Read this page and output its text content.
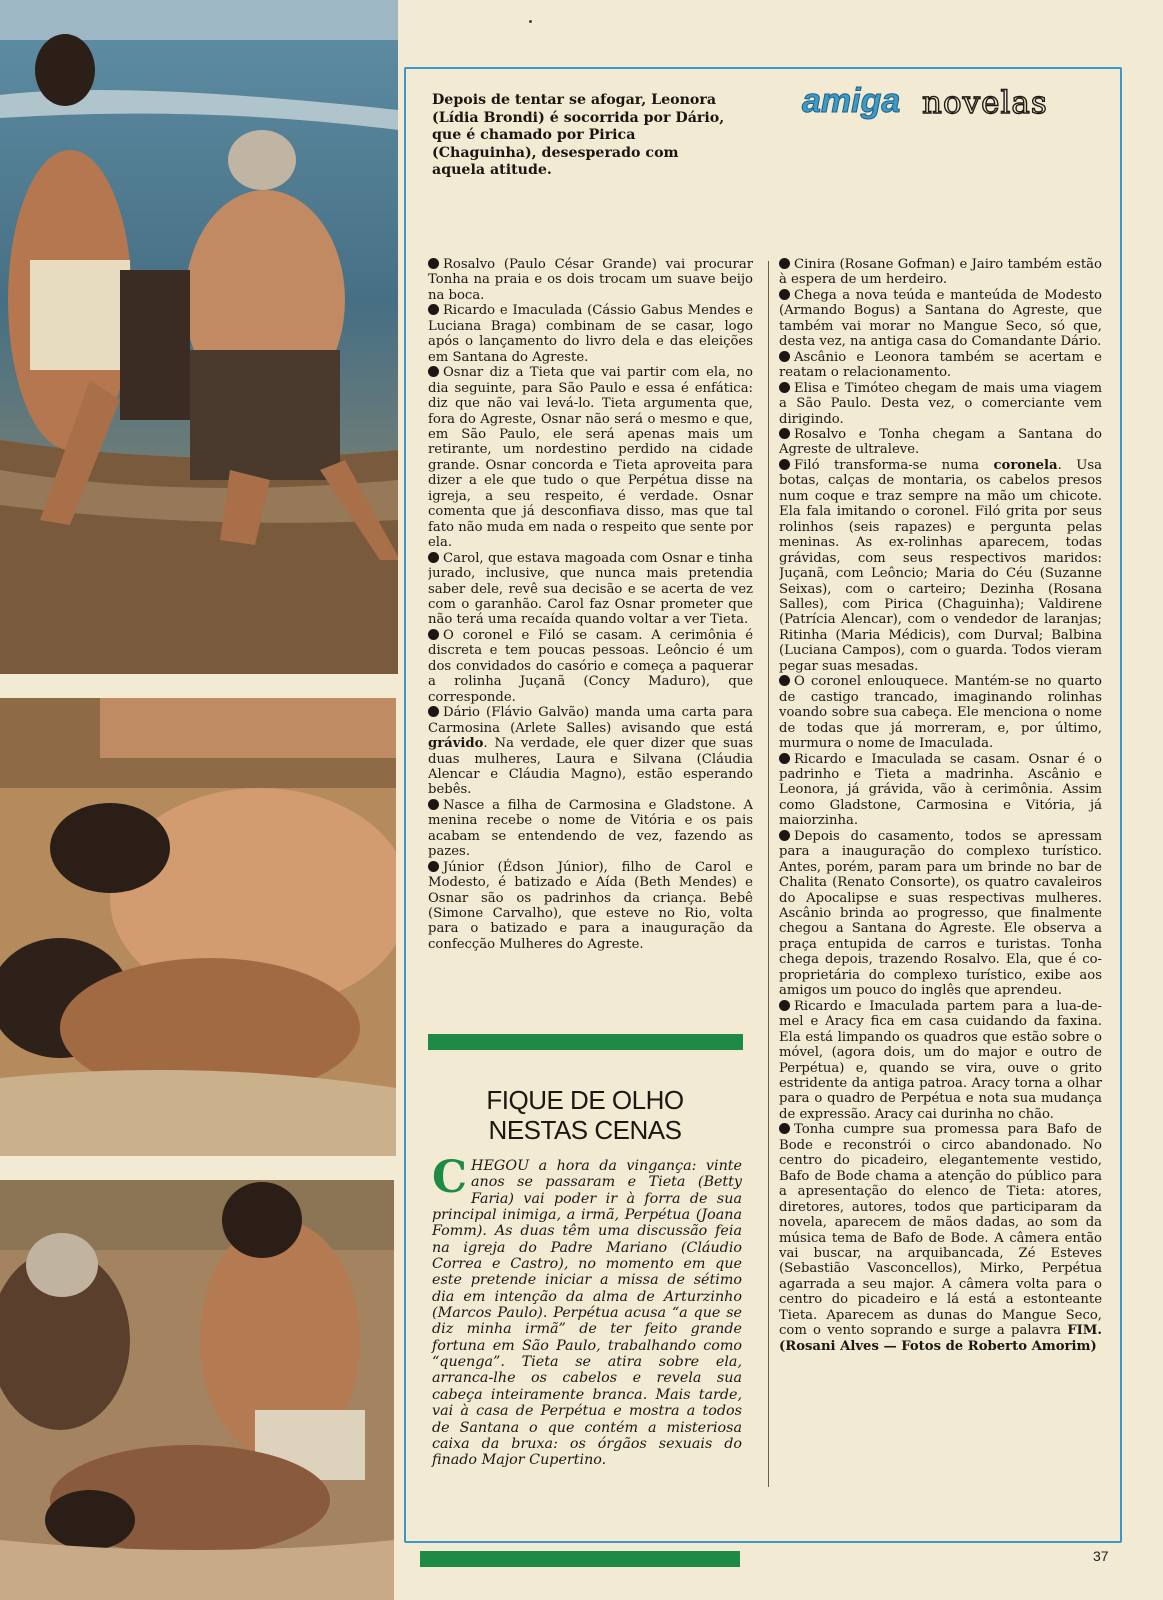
amiga novelas
Depois de tentar se afogar, Leonora (Lídia Brondi) é socorrida por Dário, que é chamado por Pirica (Chaguinha), desesperado com aquela atitude.

Rosalvo (Paulo César Grande) vai procurar Tonha na praia e os dois trocam um suave beijo na boca.

Ricardo e Imaculada (Cássio Gabus Mendes e Luciana Braga) combinam de se casar, logo após o lançamento do livro dela e das eleições em Santana do Agreste.

Osnar diz a Tieta que vai partir com ela, no dia seguinte, para São Paulo e essa é enfática: diz que não vai levá-lo. Tieta argumenta que, fora do Agreste, Osnar não será o mesmo e que, em São Paulo, ele será apenas mais um retirante, um nordestino perdido na cidade grande. Osnar concorda e Tieta aproveita para dizer a ele que tudo o que Perpétua disse na igreja, a seu respeito, é verdade. Osnar comenta que já desconfiava disso, mas que tal fato não muda em nada o respeito que sente por ela.

Carol, que estava magoada com Osnar e tinha jurado, inclusive, que nunca mais pretendia saber dele, revê sua decisão e se acerta de vez com o garanhão. Carol faz Osnar prometer que não terá uma recaída quando voltar a ver Tieta.

O coronel e Filó se casam. A cerimônia é discreta e tem poucas pessoas. Leôncio é um dos convidados do casório e começa a paquerar a rolinha Juçanã (Concy Maduro), que corresponde.

Dário (Flávio Galvão) manda uma carta para Carmosina (Arlete Salles) avisando que está grávido. Na verdade, ele quer dizer que suas duas mulheres, Laura e Silvana (Cláudia Alencar e Cláudia Magno), estão esperando bebês.

Nasce a filha de Carmosina e Gladstone. A menina recebe o nome de Vitória e os pais acabam se entendendo de vez, fazendo as pazes.

Júnior (Édson Júnior), filho de Carol e Modesto, é batizado e Aída (Beth Mendes) e Osnar são os padrinhos da criança. Bebê (Simone Carvalho), que esteve no Rio, volta para o batizado e para a inauguração da confecção Mulheres do Agreste.

Cinira (Rosane Gofman) e Jairo também estão à espera de um herdeiro.

Chega a nova teúda e manteúda de Modesto (Armando Bogus) a Santana do Agreste, que também vai morar no Mangue Seco, só que, desta vez, na antiga casa do Comandante Dário.

Ascânio e Leonora também se acertam e reatam o relacionamento.

Elisa e Timóteo chegam de mais uma viagem a São Paulo. Desta vez, o comerciante vem dirigindo.

Rosalvo e Tonha chegam a Santana do Agreste de ultraleve.

Filó transforma-se numa coronela. Usa botas, calças de montaria, os cabelos presos num coque e traz sempre na mão um chicote. Ela fala imitando o coronel. Filó grita por seus rolinhos (seis rapazes) e pergunta pelas meninas. As ex-rolinhas aparecem, todas grávidas, com seus respectivos maridos: Juçanã, com Leôncio; Maria do Céu (Suzanne Seixas), com o carteiro; Dezinha (Rosana Salles), com Pirica (Chaguinha); Valdirene (Patrícia Alencar), com o vendedor de laranjas; Ritinha (Maria Médicis), com Durval; Balbina (Luciana Campos), com o guarda. Todos vieram pegar suas mesadas.

O coronel enlouquece. Mantém-se no quarto de castigo trancado, imaginando rolinhas voando sobre sua cabeça. Ele menciona o nome de todas que já morreram, e, por último, murmura o nome de Imaculada.

Ricardo e Imaculada se casam. Osnar é o padrinho e Tieta a madrinha. Ascânio e Leonora, já grávida, vão à cerimônia. Assim como Gladstone, Carmosina e Vitória, já maiorzinha.

Depois do casamento, todos se apressam para a inauguração do complexo turístico. Antes, porém, param para um brinde no bar de Chalita (Renato Consorte), os quatro cavaleiros do Apocalipse e suas respectivas mulheres. Ascânio brinda ao progresso, que finalmente chegou a Santana do Agreste. Ele observa a praça entupida de carros e turistas. Tonha chega depois, trazendo Rosalvo. Ela, que é co-proprietária do complexo turístico, exibe aos amigos um pouco do inglês que aprendeu.

Ricardo e Imaculada partem para a lua-de-mel e Aracy fica em casa cuidando da faxina. Ela está limpando os quadros que estão sobre o móvel, (agora dois, um do major e outro de Perpétua) e, quando se vira, ouve o grito estridente da antiga patroa. Aracy torna a olhar para o quadro de Perpétua e nota sua mudança de expressão. Aracy cai durinha no chão.

Tonha cumpre sua promessa para Bafo de Bode e reconstrói o circo abandonado. No centro do picadeiro, elegantemente vestido, Bafo de Bode chama a atenção do público para a apresentação do elenco de Tieta: atores, diretores, autores, todos que participaram da novela, aparecem de mãos dadas, ao som da música tema de Bafo de Bode. A câmera então vai buscar, na arquibancada, Zé Esteves (Sebastião Vasconcellos), Mirko, Perpétua agarrada a seu major. A câmera volta para o centro do picadeiro e lá está a estonteante Tieta. Aparecem as dunas do Mangue Seco, com o vento soprando e surge a palavra FIM. (Rosani Alves — Fotos de Roberto Amorim)

FIQUE DE OLHO
NESTAS CENAS
CHEGOU a hora da vingança: vinte anos se passaram e Tieta (Betty Faria) vai poder ir à forra de sua principal inimiga, a irmã, Perpétua (Joana Fomm). As duas têm uma discussão feia na igreja do Padre Mariano (Cláudio Correa e Castro), no momento em que este pretende iniciar a missa de sétimo dia em intenção da alma de Arturzinho (Marcos Paulo). Perpétua acusa “a que se diz minha irmã” de ter feito grande fortuna em São Paulo, trabalhando como “quenga”. Tieta se atira sobre ela, arranca-lhe os cabelos e revela sua cabeça inteiramente branca. Mais tarde, vai à casa de Perpétua e mostra a todos de Santana o que contém a misteriosa caixa da bruxa: os órgãos sexuais do finado Major Cupertino.
37
